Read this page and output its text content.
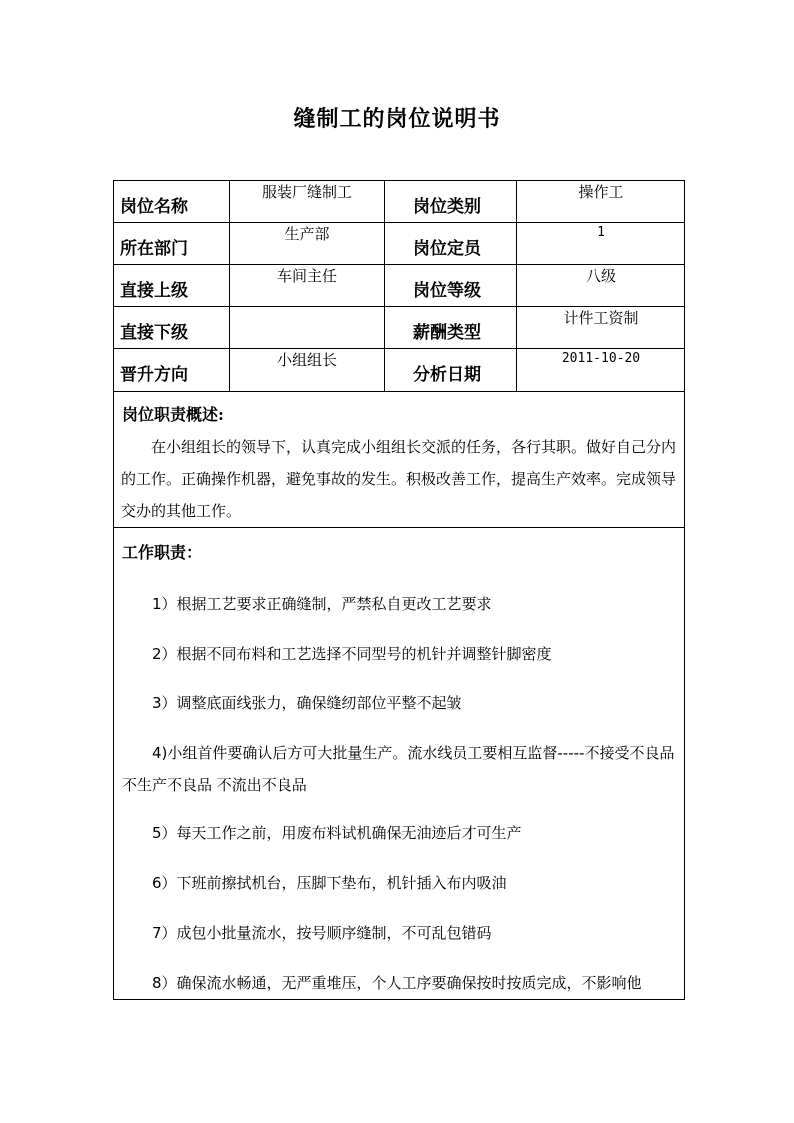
缝制工的岗位说明书
岗位名称
服装厂缝制工
岗位类别
操作工
所在部门
生产部
岗位定员
1
直接上级
车间主任
岗位等级
八级
直接下级	薪酬类型
计件工资制
晋升方向
小组组长
分析日期
2011-10-20
岗位职责概述:
在小组组长的领导下，认真完成小组组长交派的任务，各行其职。做好自己分内的工作。正确操作机器，避免事故的发生。积极改善工作，提高生产效率。完成领导交办的其他工作。
工作职责：
1）根据工艺要求正确缝制，严禁私自更改工艺要求
2）根据不同布料和工艺选择不同型号的机针并调整针脚密度
3）调整底面线张力，确保缝纫部位平整不起皱
4)小组首件要确认后方可大批量生产。流水线员工要相互监督-----不接受不良品 不生产不良品 不流出不良品
5）每天工作之前，用废布料试机确保无油迹后才可生产
6）下班前擦拭机台，压脚下垫布，机针插入布内吸油
7）成包小批量流水，按号顺序缝制，不可乱包错码
8）确保流水畅通，无严重堆压，个人工序要确保按时按质完成，不影响他
